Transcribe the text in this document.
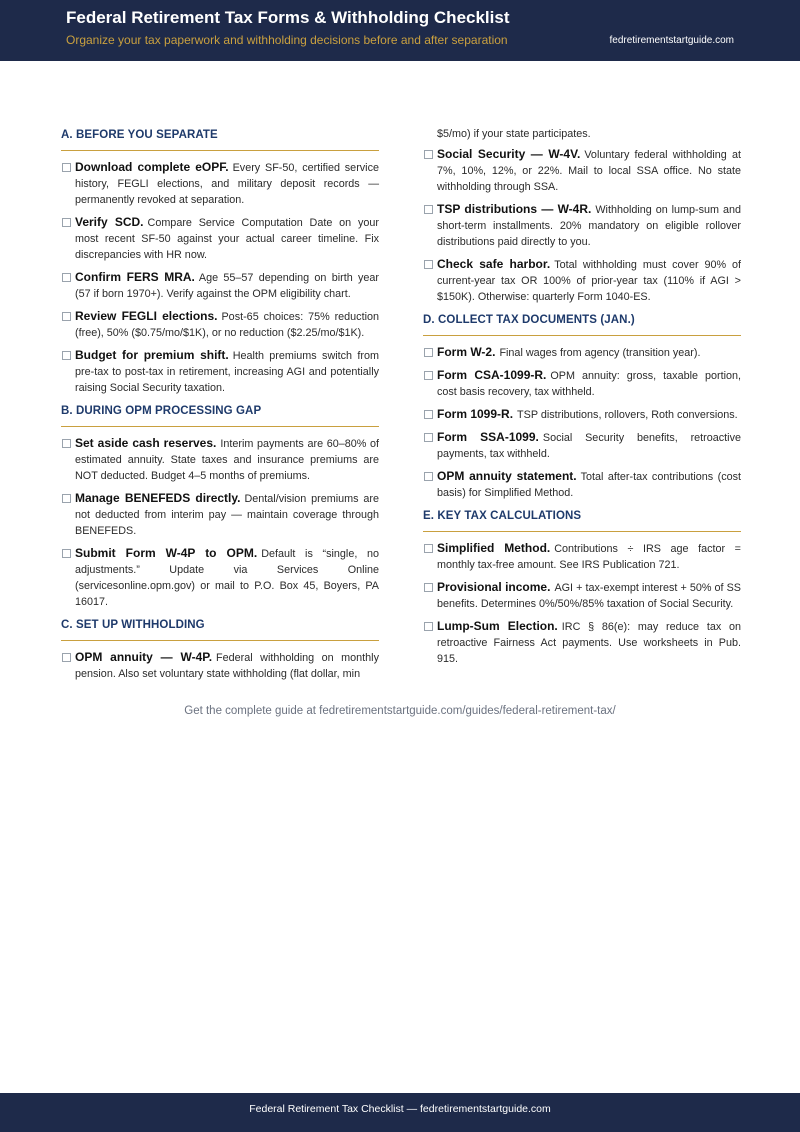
Federal Retirement Tax Forms & Withholding Checklist
Organize your tax paperwork and withholding decisions before and after separation	fedretirementstartguide.com
A. BEFORE YOU SEPARATE
Download complete eOPF. Every SF-50, certified service history, FEGLI elections, and military deposit records — permanently revoked at separation.
Verify SCD. Compare Service Computation Date on your most recent SF-50 against your actual career timeline. Fix discrepancies with HR now.
Confirm FERS MRA. Age 55–57 depending on birth year (57 if born 1970+). Verify against the OPM eligibility chart.
Review FEGLI elections. Post-65 choices: 75% reduction (free), 50% ($0.75/mo/$1K), or no reduction ($2.25/mo/$1K).
Budget for premium shift. Health premiums switch from pre-tax to post-tax in retirement, increasing AGI and potentially raising Social Security taxation.
B. DURING OPM PROCESSING GAP
Set aside cash reserves. Interim payments are 60–80% of estimated annuity. State taxes and insurance premiums are NOT deducted. Budget 4–5 months of premiums.
Manage BENEFEDS directly. Dental/vision premiums are not deducted from interim pay — maintain coverage through BENEFEDS.
Submit Form W-4P to OPM. Default is “single, no adjustments.” Update via Services Online (servicesonline.opm.gov) or mail to P.O. Box 45, Boyers, PA 16017.
C. SET UP WITHHOLDING
OPM annuity — W-4P. Federal withholding on monthly pension. Also set voluntary state withholding (flat dollar, min
$5/mo) if your state participates.
Social Security — W-4V. Voluntary federal withholding at 7%, 10%, 12%, or 22%. Mail to local SSA office. No state withholding through SSA.
TSP distributions — W-4R. Withholding on lump-sum and short-term installments. 20% mandatory on eligible rollover distributions paid directly to you.
Check safe harbor. Total withholding must cover 90% of current-year tax OR 100% of prior-year tax (110% if AGI > $150K). Otherwise: quarterly Form 1040-ES.
D. COLLECT TAX DOCUMENTS (JAN.)
Form W-2. Final wages from agency (transition year).
Form CSA-1099-R. OPM annuity: gross, taxable portion, cost basis recovery, tax withheld.
Form 1099-R. TSP distributions, rollovers, Roth conversions.
Form SSA-1099. Social Security benefits, retroactive payments, tax withheld.
OPM annuity statement. Total after-tax contributions (cost basis) for Simplified Method.
E. KEY TAX CALCULATIONS
Simplified Method. Contributions ÷ IRS age factor = monthly tax-free amount. See IRS Publication 721.
Provisional income. AGI + tax-exempt interest + 50% of SS benefits. Determines 0%/50%/85% taxation of Social Security.
Lump-Sum Election. IRC § 86(e): may reduce tax on retroactive Fairness Act payments. Use worksheets in Pub. 915.
Get the complete guide at fedretirementstartguide.com/guides/federal-retirement-tax/
Federal Retirement Tax Checklist — fedretirementstartguide.com
